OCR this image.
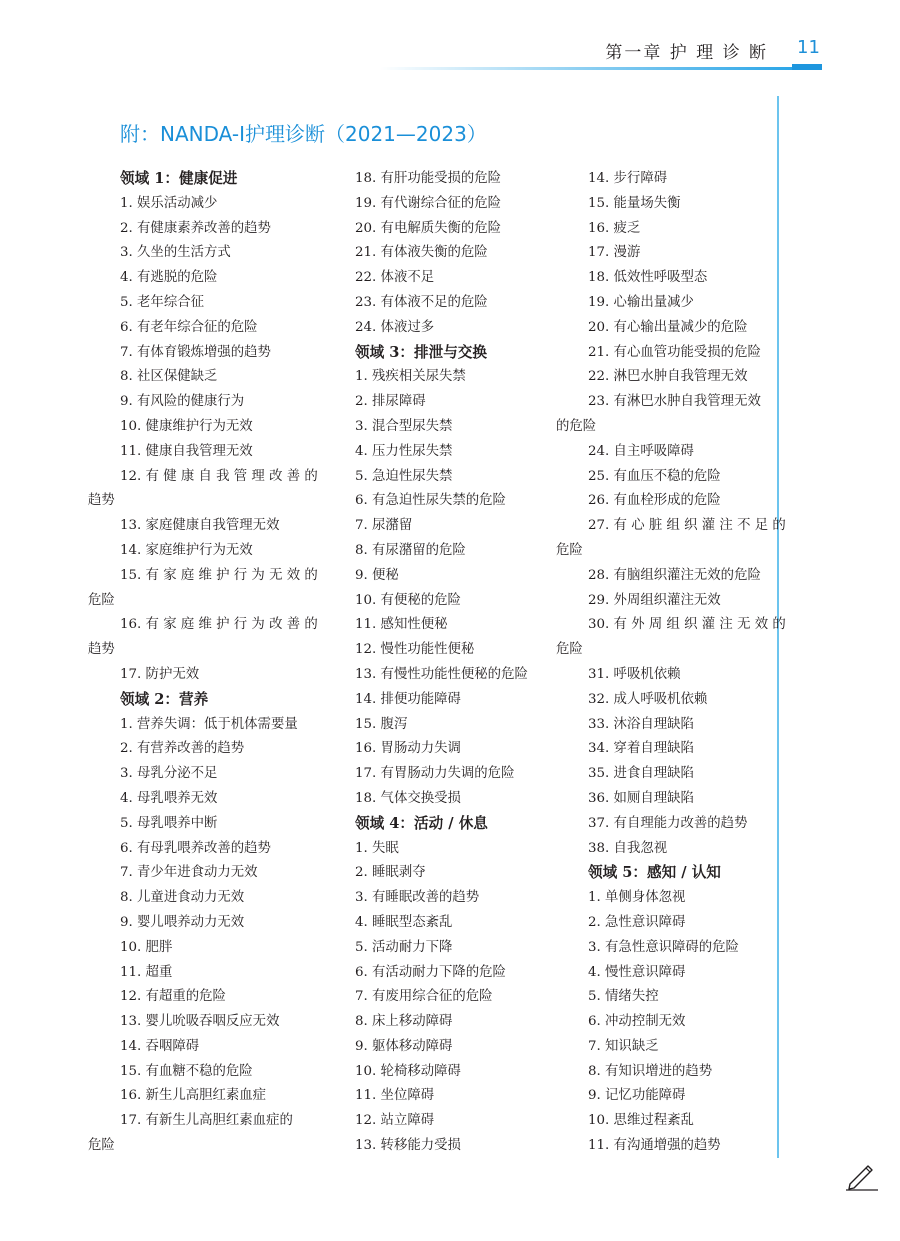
第一章 护 理 诊 断 11
附：NANDA-I护理诊断（2021—2023）
领域 1：健康促进
1. 娱乐活动减少
2. 有健康素养改善的趋势
3. 久坐的生活方式
4. 有逃脱的危险
5. 老年综合征
6. 有老年综合征的危险
7. 有体育锻炼增强的趋势
8. 社区保健缺乏
9. 有风险的健康行为
10. 健康维护行为无效
11. 健康自我管理无效
12. 有 健 康 自 我 管 理 改 善 的
趋势
13. 家庭健康自我管理无效
14. 家庭维护行为无效
15. 有 家 庭 维 护 行 为 无 效 的
危险
16. 有 家 庭 维 护 行 为 改 善 的
趋势
17. 防护无效
领域 2：营养
1. 营养失调：低于机体需要量
2. 有营养改善的趋势
3. 母乳分泌不足
4. 母乳喂养无效
5. 母乳喂养中断
6. 有母乳喂养改善的趋势
7. 青少年进食动力无效
8. 儿童进食动力无效
9. 婴儿喂养动力无效
10. 肥胖
11. 超重
12. 有超重的危险
13. 婴儿吮吸吞咽反应无效
14. 吞咽障碍
15. 有血糖不稳的危险
16. 新生儿高胆红素血症
17. 有新生儿高胆红素血症的
危险
18. 有肝功能受损的危险
19. 有代谢综合征的危险
20. 有电解质失衡的危险
21. 有体液失衡的危险
22. 体液不足
23. 有体液不足的危险
24. 体液过多
领域 3：排泄与交换
1. 残疾相关尿失禁
2. 排尿障碍
3. 混合型尿失禁
4. 压力性尿失禁
5. 急迫性尿失禁
6. 有急迫性尿失禁的危险
7. 尿潴留
8. 有尿潴留的危险
9. 便秘
10. 有便秘的危险
11. 感知性便秘
12. 慢性功能性便秘
13. 有慢性功能性便秘的危险
14. 排便功能障碍
15. 腹泻
16. 胃肠动力失调
17. 有胃肠动力失调的危险
18. 气体交换受损
领域 4：活动 / 休息
1. 失眠
2. 睡眠剥夺
3. 有睡眠改善的趋势
4. 睡眠型态紊乱
5. 活动耐力下降
6. 有活动耐力下降的危险
7. 有废用综合征的危险
8. 床上移动障碍
9. 躯体移动障碍
10. 轮椅移动障碍
11. 坐位障碍
12. 站立障碍
13. 转移能力受损
14. 步行障碍
15. 能量场失衡
16. 疲乏
17. 漫游
18. 低效性呼吸型态
19. 心输出量减少
20. 有心输出量减少的危险
21. 有心血管功能受损的危险
22. 淋巴水肿自我管理无效
23. 有淋巴水肿自我管理无效
的危险
24. 自主呼吸障碍
25. 有血压不稳的危险
26. 有血栓形成的危险
27. 有 心 脏 组 织 灌 注 不 足 的
危险
28. 有脑组织灌注无效的危险
29. 外周组织灌注无效
30. 有 外 周 组 织 灌 注 无 效 的
危险
31. 呼吸机依赖
32. 成人呼吸机依赖
33. 沐浴自理缺陷
34. 穿着自理缺陷
35. 进食自理缺陷
36. 如厕自理缺陷
37. 有自理能力改善的趋势
38. 自我忽视
领域 5：感知 / 认知
1. 单侧身体忽视
2. 急性意识障碍
3. 有急性意识障碍的危险
4. 慢性意识障碍
5. 情绪失控
6. 冲动控制无效
7. 知识缺乏
8. 有知识增进的趋势
9. 记忆功能障碍
10. 思维过程紊乱
11. 有沟通增强的趋势
